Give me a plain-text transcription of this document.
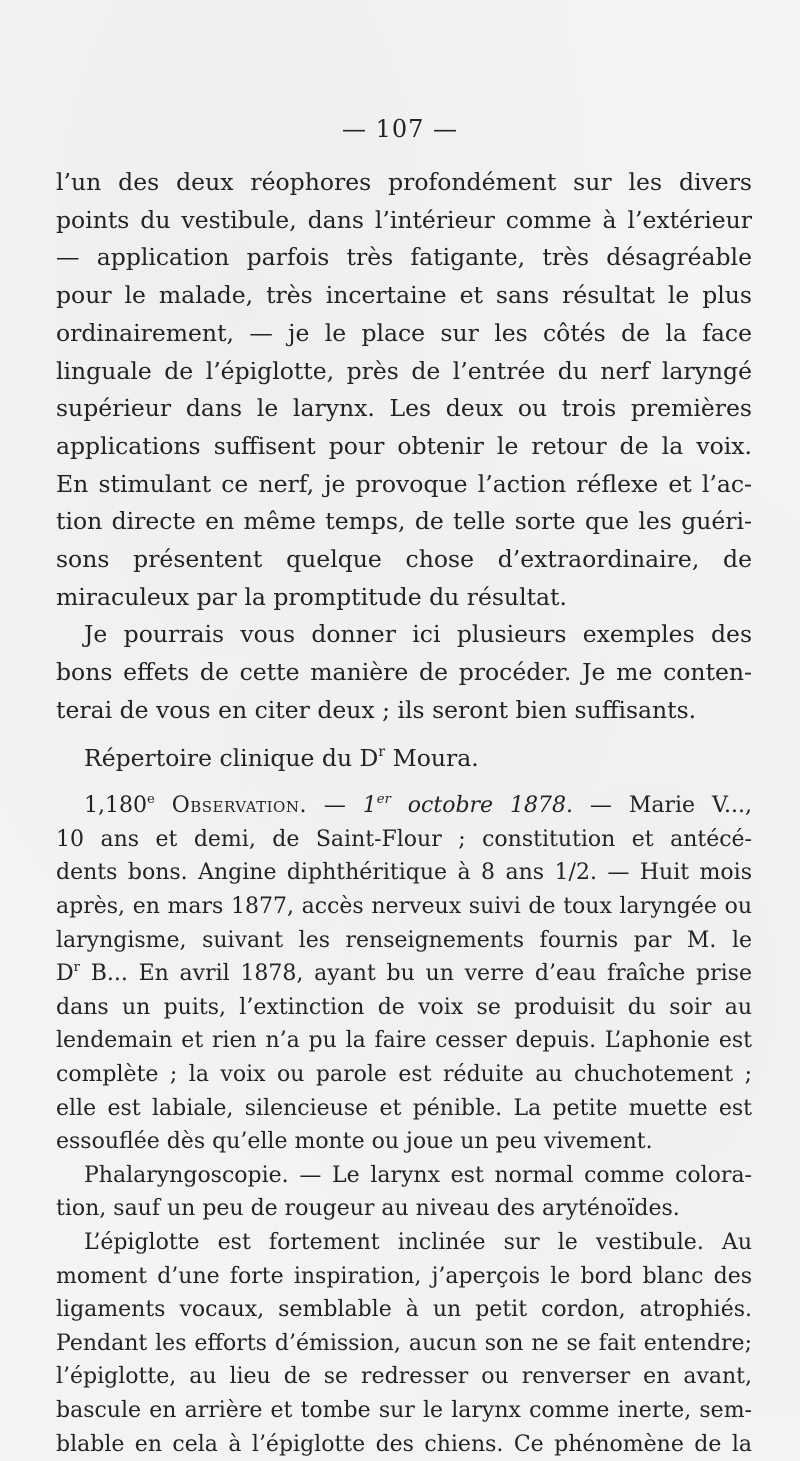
— 107 —

l’un des deux réophores profondément sur les divers

points du vestibule, dans l’intérieur comme à l’extérieur

— application parfois très fatigante, très désagréable

pour le malade, très incertaine et sans résultat le plus

ordinairement, — je le place sur les côtés de la face

linguale de l’épiglotte, près de l’entrée du nerf laryngé

supérieur dans le larynx. Les deux ou trois premières

applications suffisent pour obtenir le retour de la voix.

En stimulant ce nerf, je provoque l’action réflexe et l’ac-

tion directe en même temps, de telle sorte que les guéri-

sons présentent quelque chose d’extraordinaire, de

miraculeux par la promptitude du résultat.

Je pourrais vous donner ici plusieurs exemples des

bons effets de cette manière de procéder. Je me conten-

terai de vous en citer deux ; ils seront bien suffisants.

Répertoire clinique du $D^r$ Moura.

1,180e Observation. — 1er octobre 1878. — Marie V...,

10 ans et demi, de Saint-Flour ; constitution et antécé-

dents bons. Angine diphthéritique à 8 ans 1/2. — Huit mois

après, en mars 1877, accès nerveux suivi de toux laryngée ou

laryngisme, suivant les renseignements fournis par M. le

$D^r$ B... En avril 1878, ayant bu un verre d’eau fraîche prise

dans un puits, l’extinction de voix se produisit du soir au

lendemain et rien n’a pu la faire cesser depuis. L’aphonie est

complète ; la voix ou parole est réduite au chuchotement ;

elle est labiale, silencieuse et pénible. La petite muette est

essouflée dès qu’elle monte ou joue un peu vivement.

Phalaryngoscopie. — Le larynx est normal comme colora-

tion, sauf un peu de rougeur au niveau des aryténoïdes.

L’épiglotte est fortement inclinée sur le vestibule. Au

moment d’une forte inspiration, j’aperçois le bord blanc des

ligaments vocaux, semblable à un petit cordon, atrophiés.

Pendant les efforts d’émission, aucun son ne se fait entendre;

l’épiglotte, au lieu de se redresser ou renverser en avant,

bascule en arrière et tombe sur le larynx comme inerte, sem-

blable en cela à l’épiglotte des chiens. Ce phénomène de la
